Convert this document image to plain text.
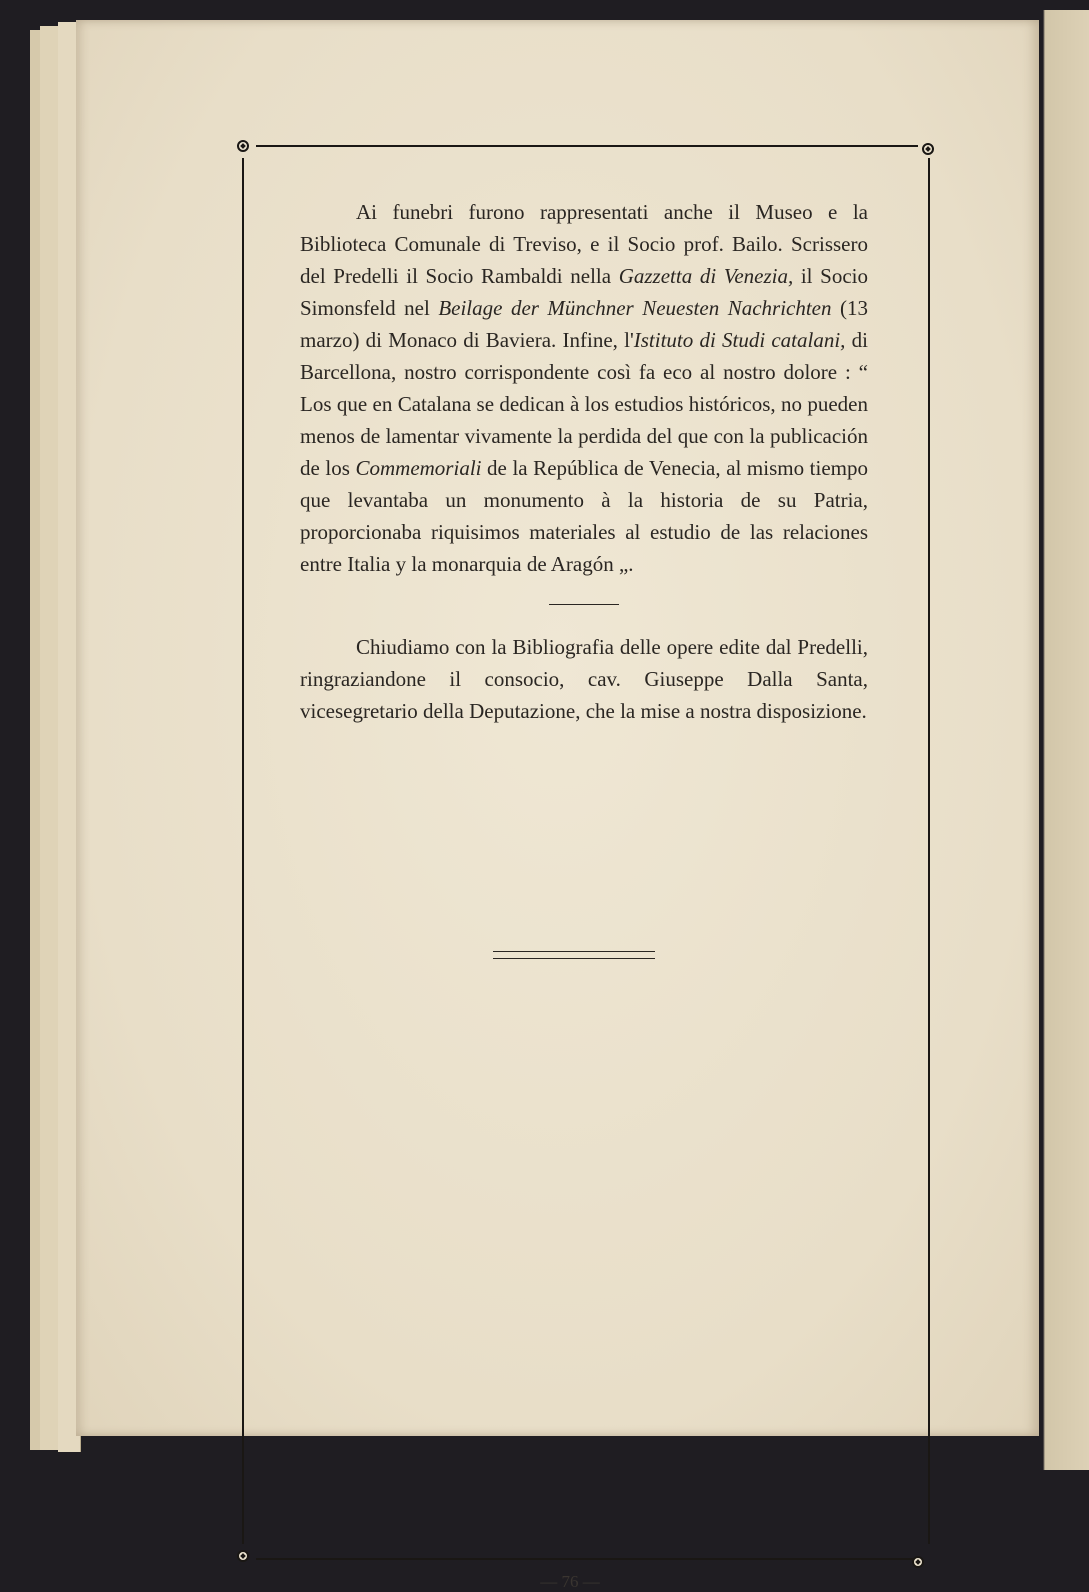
Ai funebri furono rappresentati anche il Museo e la Biblioteca Comunale di Treviso, e il Socio prof. Bailo. Scrissero del Predelli il Socio Rambaldi nella Gazzetta di Venezia, il Socio Simonsfeld nel Beilage der Münchner Neuesten Nachrichten (13 marzo) di Monaco di Baviera. Infine, l'Istituto di Studi catalani, di Barcellona, nostro corrispondente così fa eco al nostro dolore : “ Los que en Catalana se dedican à los estudios históricos, no pueden menos de lamentar vivamente la perdida del que con la publicación de los Commemoriali de la República de Venecia, al mismo tiempo que levantaba un monumento à la historia de su Patria, proporcionaba riquisimos materiales al estudio de las relaciones entre Italia y la monarquia de Aragón „.

Chiudiamo con la Bibliografia delle opere edite dal Predelli, ringraziandone il consocio, cav. Giuseppe Dalla Santa, vicesegretario della Deputazione, che la mise a nostra disposizione.

— 76 —
